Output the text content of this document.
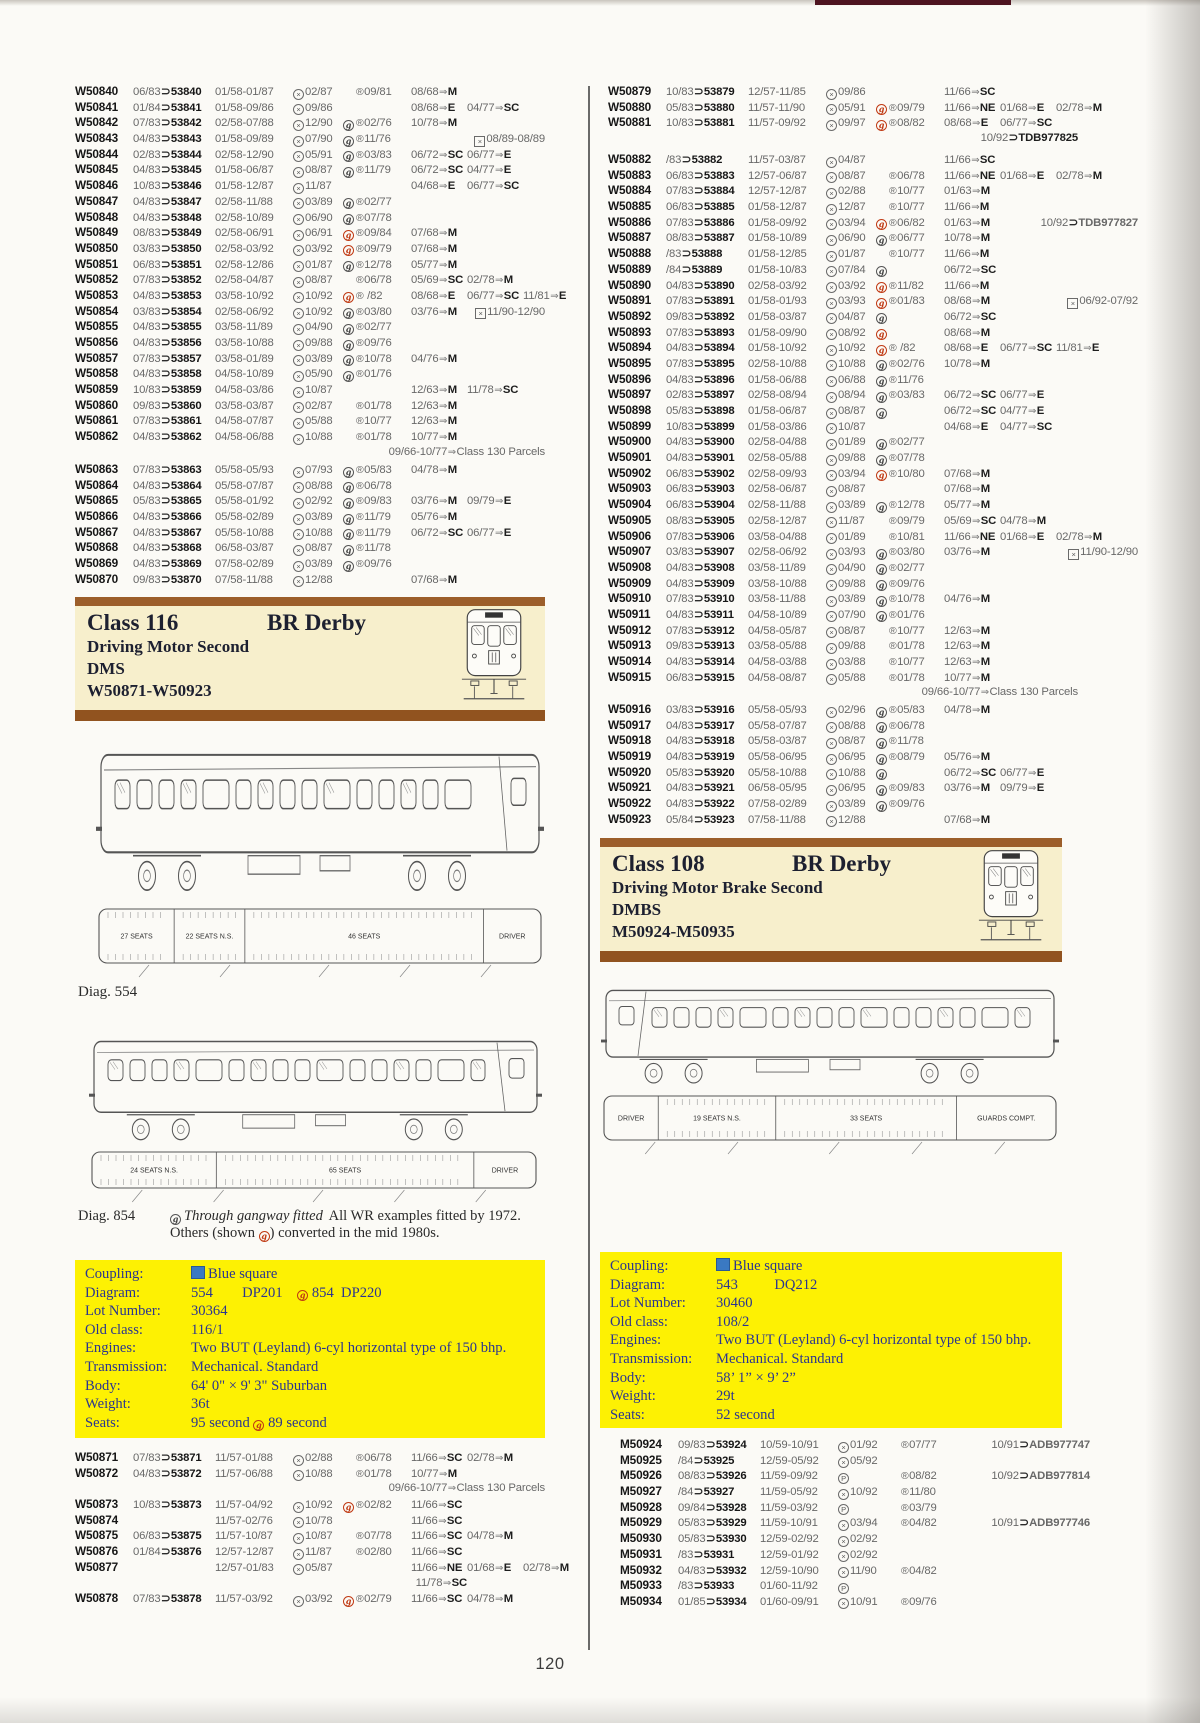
W50840	06/83⊃53840	01/58-01/87	× 02/87	®09/81	08/68⇒M
W50841	01/84⊃53841	01/58-09/86	× 09/86	08/68⇒E	04/77⇒SC
W50842	07/83⊃53842	02/58-07/88	× 12/90	g ®02/76	10/78⇒M
W50843	04/83⊃53843	01/58-09/89	× 07/90	g ®11/76	× 08/89-08/89
W50844	02/83⊃53844	02/58-12/90	× 05/91	g ®03/83	06/72⇒SC 06/77⇒E
W50845	04/83⊃53845	01/58-06/87	× 08/87	g ®11/79	06/72⇒SC 04/77⇒E
W50846	10/83⊃53846	01/58-12/87	× 11/87	04/68⇒E	06/77⇒SC
W50847	04/83⊃53847	02/58-11/88	× 03/89	g ®02/77
W50848	04/83⊃53848	02/58-10/89	× 06/90	g ®07/78
W50849	08/83⊃53849	02/58-06/91	× 06/91	g ®09/84	07/68⇒M
W50850	03/83⊃53850	02/58-03/92	× 03/92	g ®09/79	07/68⇒M
W50851	06/83⊃53851	02/58-12/86	× 01/87	g ®12/78	05/77⇒M
W50852	07/83⊃53852	02/58-04/87	× 08/87	®06/78	05/69⇒SC 02/78⇒M
W50853	04/83⊃53853	03/58-10/92	× 10/92	g ® /82	08/68⇒E	06/77⇒SC 11/81⇒E
W50854	03/83⊃53854	02/58-06/92	× 10/92	g ®03/80	03/76⇒M	× 11/90-12/90
W50855	04/83⊃53855	03/58-11/89	× 04/90	g ®02/77
W50856	04/83⊃53856	03/58-10/88	× 09/88	g ®09/76
W50857	07/83⊃53857	03/58-01/89	× 03/89	g ®10/78	04/76⇒M
W50858	04/83⊃53858	04/58-10/89	× 05/90	g ®01/76
W50859	10/83⊃53859	04/58-03/86	× 10/87	12/63⇒M 11/78⇒SC
W50860	09/83⊃53860	03/58-03/87	× 02/87	®01/78	12/63⇒M
W50861	07/83⊃53861	04/58-07/87	× 05/88	®10/77	12/63⇒M
W50862	04/83⊃53862	04/58-06/88	× 10/88	®01/78	10/77⇒M
09/66-10/77⇒Class 130 Parcels
W50863	07/83⊃53863	05/58-05/93	× 07/93	g ®05/83	04/78⇒M
W50864	04/83⊃53864	05/58-07/87	× 08/88	g ®06/78
W50865	05/83⊃53865	05/58-01/92	× 02/92	g ®09/83	03/76⇒M 09/79⇒E
W50866	04/83⊃53866	05/58-02/89	× 03/89	g ®11/79	05/76⇒M
W50867	04/83⊃53867	05/58-10/88	× 10/88	g ®11/79	06/72⇒SC 06/77⇒E
W50868	04/83⊃53868	06/58-03/87	× 08/87	g ®11/78
W50869	04/83⊃53869	07/58-02/89	× 03/89	g ®09/76
W50870	09/83⊃53870	07/58-11/88	× 12/88	07/68⇒M
Class 116	BR Derby
Driving Motor Second
DMS
W50871-W50923
27 SEATS	22 SEATS N.S.	46 SEATS	DRIVER
Diag. 554
24 SEATS N.S.	65 SEATS	DRIVER
Diag. 854	g Through gangway fitted All WR examples fitted by 1972.
Others (shown g ) converted in the mid 1980s.
Coupling:	Blue square
Diagram:	554  DP201 g 854 DP220
Lot Number:	30364
Old class:	116/1
Engines:	Two BUT (Leyland) 6-cyl horizontal type of 150 bhp.
Transmission:	Mechanical. Standard
Body:	64' 0" × 9' 3" Suburban
Weight:	36t
Seats:	95 second g 89 second
W50871	07/83⊃53871	11/57-01/88	× 02/88	®06/78	11/66⇒SC 02/78⇒M
W50872	04/83⊃53872	11/57-06/88	× 10/88	®01/78	10/77⇒M
09/66-10/77⇒Class 130 Parcels
W50873	10/83⊃53873	11/57-04/92	× 10/92	g ®02/82	11/66⇒SC
W50874	11/57-02/76	× 10/78	11/66⇒SC
W50875	06/83⊃53875	11/57-10/87	× 10/87	®07/78	11/66⇒SC 04/78⇒M
W50876	01/84⊃53876	12/57-12/87	× 11/87	®02/80	11/66⇒SC
W50877	12/57-01/83	× 05/87	11/66⇒NE 01/68⇒E	02/78⇒M
11/78⇒SC
W50878	07/83⊃53878	11/57-03/92	× 03/92	g ®02/79	11/66⇒SC 04/78⇒M
W50879	10/83⊃53879	12/57-11/85	× 09/86	11/66⇒SC
W50880	05/83⊃53880	11/57-11/90	× 05/91	g ®09/79	11/66⇒NE 01/68⇒E	02/78⇒M
W50881	10/83⊃53881	11/57-09/92	× 09/97	g ®08/82	08/68⇒E	06/77⇒SC
10/92⊃TDB977825
W50882	/83⊃53882	11/57-03/87	× 04/87	11/66⇒SC
W50883	06/83⊃53883	12/57-06/87	× 08/87	®06/78	11/66⇒NE 01/68⇒E	02/78⇒M
W50884	07/83⊃53884	12/57-12/87	× 02/88	®10/77	01/63⇒M
W50885	06/83⊃53885	01/58-12/87	× 12/87	®10/77	11/66⇒M
W50886	07/83⊃53886	01/58-09/92	× 03/94	g ®06/82	01/63⇒M	10/92⊃TDB977827
W50887	08/83⊃53887	01/58-10/89	× 06/90	g ®06/77	10/78⇒M
W50888	/83⊃53888	01/58-12/85	× 01/87	®10/77	11/66⇒M
W50889	/84⊃53889	01/58-10/83	× 07/84	g	06/72⇒SC
W50890	04/83⊃53890	02/58-03/92	× 03/92	g ®11/82	11/66⇒M
W50891	07/83⊃53891	01/58-01/93	× 03/93	g ®01/83	08/68⇒M	× 06/92-07/92
W50892	09/83⊃53892	01/58-03/87	× 04/87	g	06/72⇒SC
W50893	07/83⊃53893	01/58-09/90	× 08/92	g	08/68⇒M
W50894	04/83⊃53894	01/58-10/92	× 10/92	g ® /82	08/68⇒E	06/77⇒SC 11/81⇒E
W50895	07/83⊃53895	02/58-10/88	× 10/88	g ®02/76	10/78⇒M
W50896	04/83⊃53896	01/58-06/88	× 06/88	g ®11/76
W50897	02/83⊃53897	02/58-08/94	× 08/94	g ®03/83	06/72⇒SC 06/77⇒E
W50898	05/83⊃53898	01/58-06/87	× 08/87	g	06/72⇒SC 04/77⇒E
W50899	10/83⊃53899	01/58-03/86	× 10/87	04/68⇒E	04/77⇒SC
W50900	04/83⊃53900	02/58-04/88	× 01/89	g ®02/77
W50901	04/83⊃53901	02/58-05/88	× 09/88	g ®07/78
W50902	06/83⊃53902	02/58-09/93	× 03/94	g ®10/80	07/68⇒M
W50903	06/83⊃53903	02/58-06/87	× 08/87	07/68⇒M
W50904	06/83⊃53904	02/58-11/88	× 03/89	g ®12/78	05/77⇒M
W50905	08/83⊃53905	02/58-12/87	× 11/87	®09/79	05/69⇒SC 04/78⇒M
W50906	07/83⊃53906	03/58-04/88	× 01/89	®10/81	11/66⇒NE 01/68⇒E	02/78⇒M
W50907	03/83⊃53907	02/58-06/92	× 03/93	g ®03/80	03/76⇒M	× 11/90-12/90
W50908	04/83⊃53908	03/58-11/89	× 04/90	g ®02/77
W50909	04/83⊃53909	03/58-10/88	× 09/88	g ®09/76
W50910	07/83⊃53910	03/58-11/88	× 03/89	g ®10/78	04/76⇒M
W50911	04/83⊃53911	04/58-10/89	× 07/90	g ®01/76
W50912	07/83⊃53912	04/58-05/87	× 08/87	®10/77	12/63⇒M
W50913	09/83⊃53913	03/58-05/88	× 09/88	®01/78	12/63⇒M
W50914	04/83⊃53914	04/58-03/88	× 03/88	®10/77	12/63⇒M
W50915	06/83⊃53915	04/58-08/87	× 05/88	®01/78	10/77⇒M
09/66-10/77⇒Class 130 Parcels
W50916	03/83⊃53916	05/58-05/93	× 02/96	g ®05/83	04/78⇒M
W50917	04/83⊃53917	05/58-07/87	× 08/88	g ®06/78
W50918	04/83⊃53918	05/58-03/87	× 08/87	g ®11/78
W50919	04/83⊃53919	05/58-06/95	× 06/95	g ®08/79	05/76⇒M
W50920	05/83⊃53920	05/58-10/88	× 10/88	g	06/72⇒SC 06/77⇒E
W50921	04/83⊃53921	06/58-05/95	× 06/95	g ®09/83	03/76⇒M 09/79⇒E
W50922	04/83⊃53922	07/58-02/89	× 03/89	g ®09/76
W50923	05/84⊃53923	07/58-11/88	× 12/88	07/68⇒M
Class 108	BR Derby
Driving Motor Brake Second
DMBS
M50924-M50935
DRIVER	19 SEATS N.S.	33 SEATS	GUARDS COMPT.
Coupling:	Blue square
Diagram:	543   DQ212
Lot Number:	30460
Old class:	108/2
Engines:	Two BUT (Leyland) 6-cyl horizontal type of 150 bhp.
Transmission:	Mechanical. Standard
Body:	58’ 1” × 9’ 2”
Weight:	29t
Seats:	52 second
M50924	09/83⊃53924	10/59-10/91	× 01/92	®07/77	10/91⊃ADB977747
M50925	/84⊃53925	12/59-05/92	× 05/92
M50926	08/83⊃53926	11/59-09/92	P	®08/82	10/92⊃ADB977814
M50927	/84⊃53927	11/59-05/92	× 10/92	®11/80
M50928	09/84⊃53928	11/59-03/92	P	®03/79
M50929	05/83⊃53929	11/59-10/91	× 03/94	®04/82	10/91⊃ADB977746
M50930	05/83⊃53930	12/59-02/92	× 02/92
M50931	/83⊃53931	12/59-01/92	× 02/92
M50932	04/83⊃53932	12/59-10/90	× 11/90	®04/82
M50933	/83⊃53933	01/60-11/92	P
M50934	01/85⊃53934	01/60-09/91	× 10/91	®09/76
120
